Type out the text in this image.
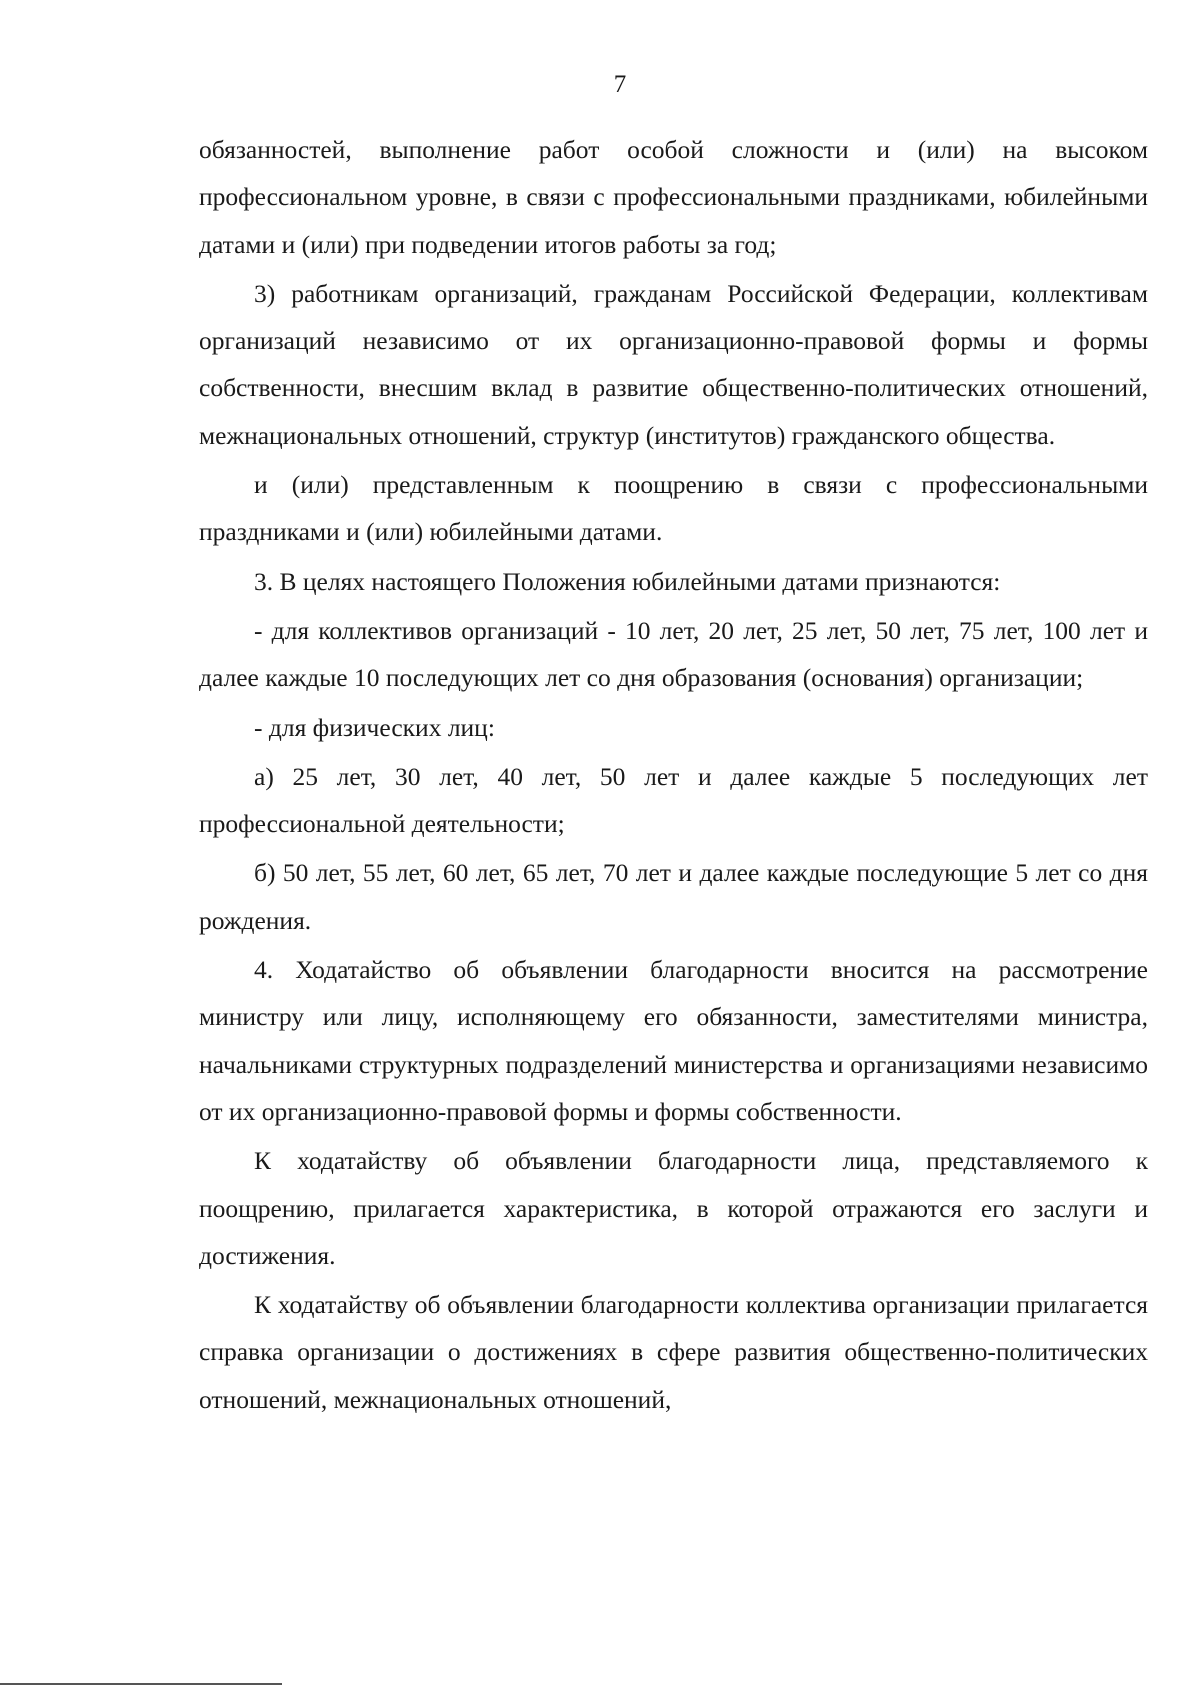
7

обязанностей, выполнение работ особой сложности и (или) на высоком профессиональном уровне, в связи с профессиональными праздниками, юбилейными датами и (или) при подведении итогов работы за год;

3) работникам организаций, гражданам Российской Федерации, коллективам организаций независимо от их организационно-правовой формы и формы собственности, внесшим вклад в развитие общественно-политических отношений, межнациональных отношений, структур (институтов) гражданского общества.

и (или) представленным к поощрению в связи с профессиональными праздниками и (или) юбилейными датами.

3. В целях настоящего Положения юбилейными датами признаются:

- для коллективов организаций - 10 лет, 20 лет, 25 лет, 50 лет, 75 лет, 100 лет и далее каждые 10 последующих лет со дня образования (основания) организации;

- для физических лиц:

а) 25 лет, 30 лет, 40 лет, 50 лет и далее каждые 5 последующих лет профессиональной деятельности;

б) 50 лет, 55 лет, 60 лет, 65 лет, 70 лет и далее каждые последующие 5 лет со дня рождения.

4. Ходатайство об объявлении благодарности вносится на рассмотрение министру или лицу, исполняющему его обязанности, заместителями министра, начальниками структурных подразделений министерства и организациями независимо от их организационно-правовой формы и формы собственности.

К ходатайству об объявлении благодарности лица, представляемого к поощрению, прилагается характеристика, в которой отражаются его заслуги и достижения.

К ходатайству об объявлении благодарности коллектива организации прилагается справка организации о достижениях в сфере развития общественно-политических отношений, межнациональных отношений,
